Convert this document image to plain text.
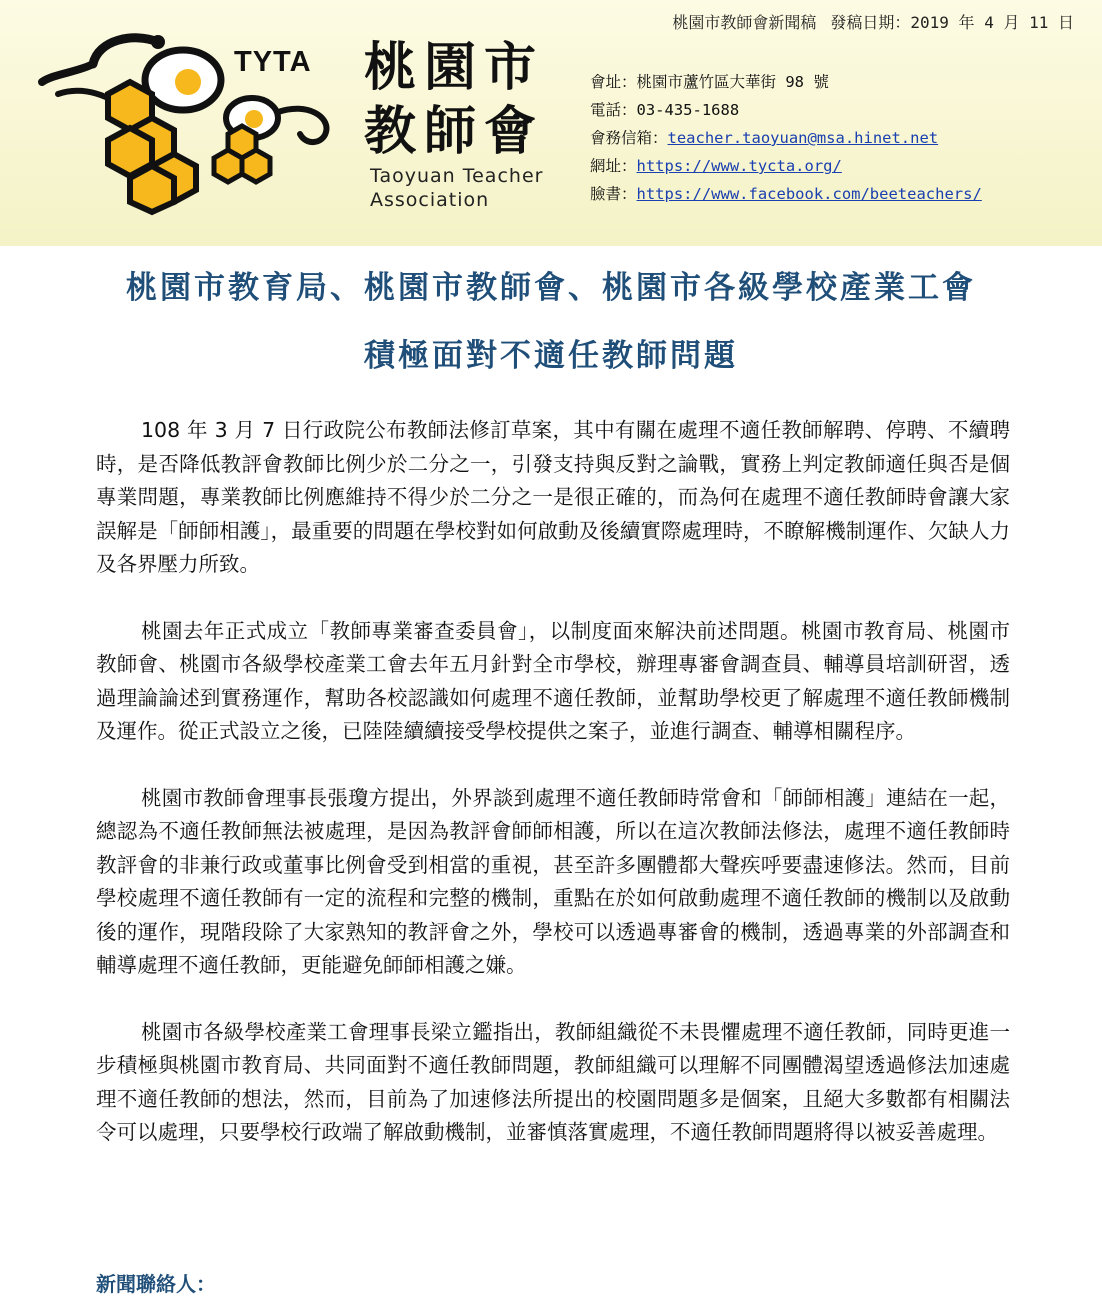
桃園市教師會新聞稿 發稿日期：2019 年 4 月 11 日
TYTA 桃園市
教師會
Taoyuan Teacher
Association
會址：桃園市蘆竹區大華街 98 號
電話：03-435-1688
會務信箱：teacher.taoyuan@msa.hinet.net
網址：https://www.tycta.org/
臉書：https://www.facebook.com/beeteachers/
桃園市教育局、桃園市教師會、桃園市各級學校產業工會
積極面對不適任教師問題

108 年 3 月 7 日行政院公布教師法修訂草案，其中有關在處理不適任教師解聘、停聘、不續聘時，是否降低教評會教師比例少於二分之一，引發支持與反對之論戰，實務上判定教師適任與否是個專業問題，專業教師比例應維持不得少於二分之一是很正確的，而為何在處理不適任教師時會讓大家誤解是「師師相護」，最重要的問題在學校對如何啟動及後續實際處理時，不瞭解機制運作、欠缺人力及各界壓力所致。

桃園去年正式成立「教師專業審查委員會」，以制度面來解決前述問題。桃園市教育局、桃園市教師會、桃園市各級學校產業工會去年五月針對全市學校，辦理專審會調查員、輔導員培訓研習，透過理論論述到實務運作，幫助各校認識如何處理不適任教師，並幫助學校更了解處理不適任教師機制及運作。從正式設立之後，已陸陸續續接受學校提供之案子，並進行調查、輔導相關程序。

桃園市教師會理事長張瓊方提出，外界談到處理不適任教師時常會和「師師相護」連結在一起，總認為不適任教師無法被處理，是因為教評會師師相護，所以在這次教師法修法，處理不適任教師時教評會的非兼行政或董事比例會受到相當的重視，甚至許多團體都大聲疾呼要盡速修法。然而，目前學校處理不適任教師有一定的流程和完整的機制，重點在於如何啟動處理不適任教師的機制以及啟動後的運作，現階段除了大家熟知的教評會之外，學校可以透過專審會的機制，透過專業的外部調查和輔導處理不適任教師，更能避免師師相護之嫌。

桃園市各級學校產業工會理事長梁立鑑指出，教師組織從不未畏懼處理不適任教師，同時更進一步積極與桃園市教育局、共同面對不適任教師問題，教師組織可以理解不同團體渴望透過修法加速處理不適任教師的想法，然而，目前為了加速修法所提出的校園問題多是個案，且絕大多數都有相關法令可以處理，只要學校行政端了解啟動機制，並審慎落實處理，不適任教師問題將得以被妥善處理。

新聞聯絡人：
